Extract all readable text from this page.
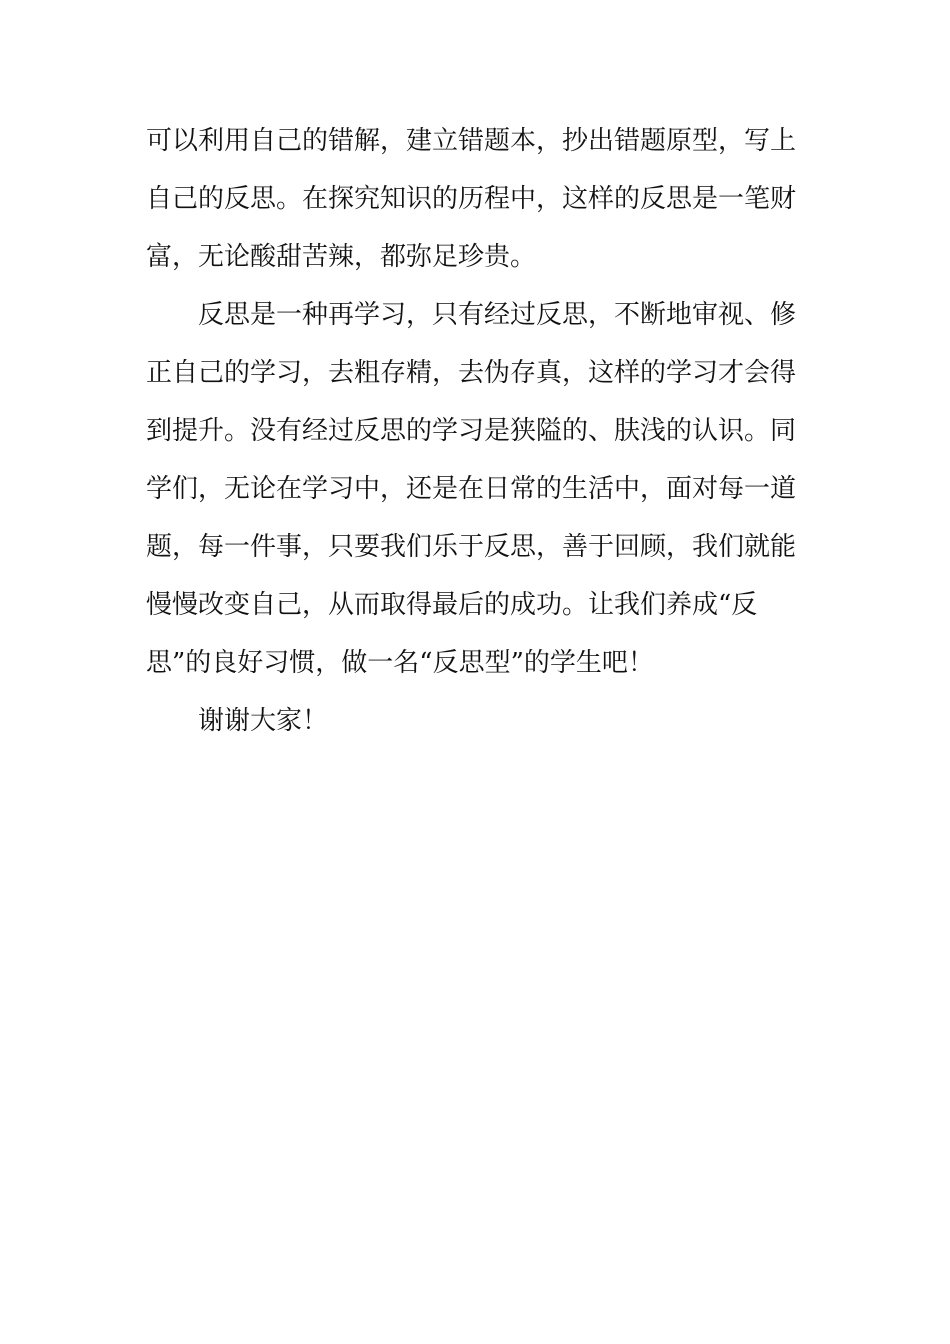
可以利用自己的错解，建立错题本，抄出错题原型，写上
自己的反思。在探究知识的历程中，这样的反思是一笔财
富，无论酸甜苦辣，都弥足珍贵。
反思是一种再学习，只有经过反思，不断地审视、修
正自己的学习，去粗存精，去伪存真，这样的学习才会得
到提升。没有经过反思的学习是狭隘的、肤浅的认识。同
学们，无论在学习中，还是在日常的生活中，面对每一道
题，每一件事，只要我们乐于反思，善于回顾，我们就能
慢慢改变自己，从而取得最后的成功。让我们养成“反
思”的良好习惯，做一名“反思型”的学生吧！
谢谢大家！
